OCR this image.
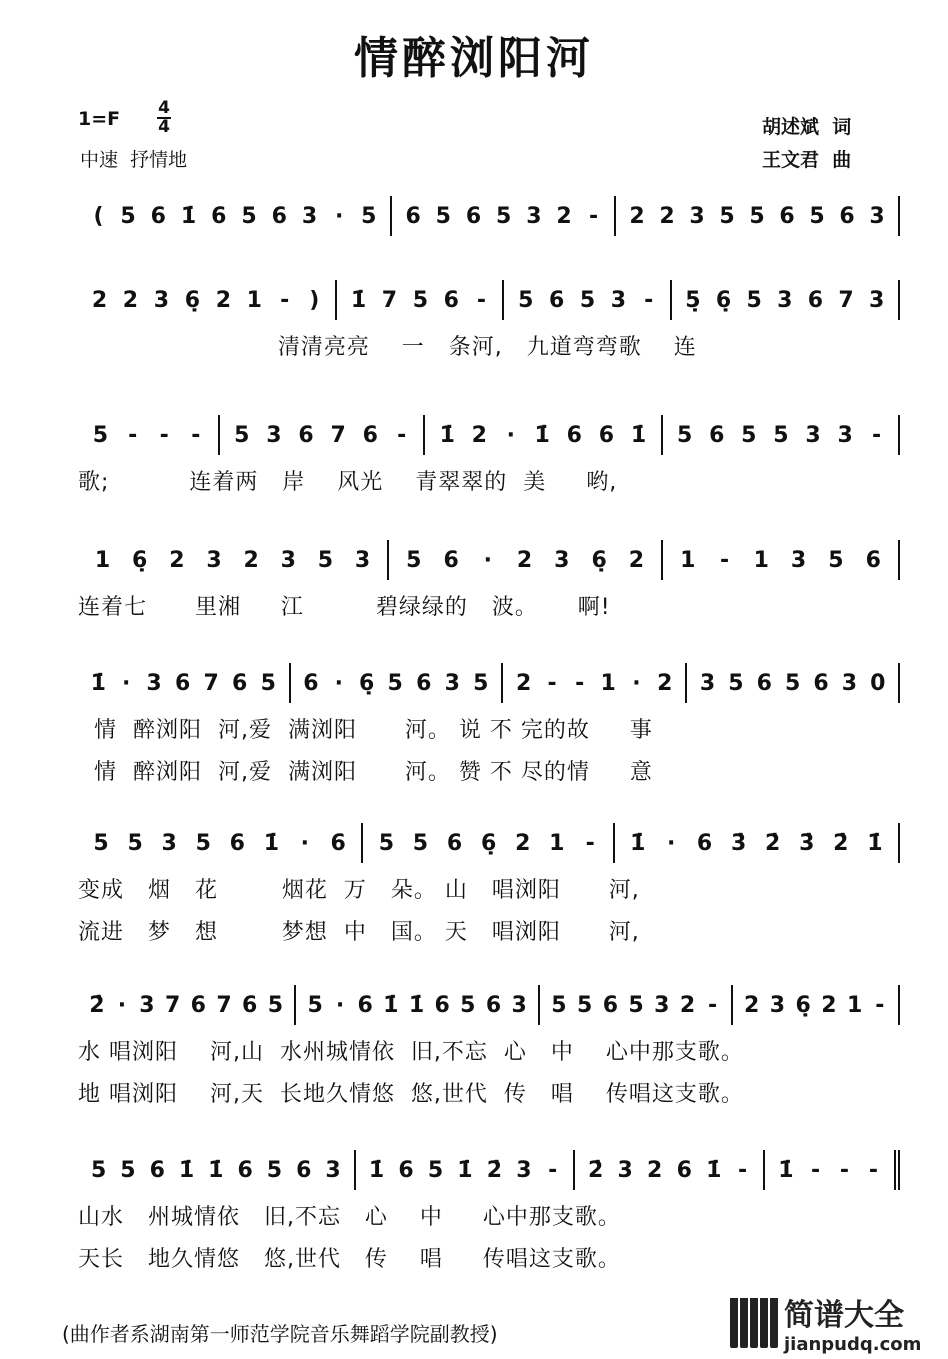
情醉浏阳河
$1=F \frac{4}{4}$
中速  抒情地
胡述斌  词
王文君  曲
( 5 6 1̇ 6 5 6 3 · 5 6 5 6 5 3 2 - 2 2 3 5 5 6 5 6 3
2 2 3 6̣ 2 1 - ) 1̇ 7 5 6 - 5 6 5 3 - 5̣ 6̣ 5 3 6 7 3
清清亮亮    一   条河,   九道弯弯歌    连
5 - - - 5 3 6 7 6 - 1̇ 2 · 1̇ 6 6 1̇ 5 6 5 5 3 3 -
歌;          连着两   岸    风光    青翠翠的  美     哟,
1 6̣ 2 3 2 3 5 3 5 6 · 2 3 6̣ 2 1 - 1 3 5 6
连着七      里湘     江         碧绿绿的   波。     啊!
1̇ · 3 6 7 6 5 6 · 6̣ 5 6 3 5 2 - - 1 · 2 3 5 6 5 6 3 0
情  醉浏阳  河,爱  满浏阳      河。 说 不 完的故     事
情  醉浏阳  河,爱  满浏阳      河。 赞 不 尽的情     意
5 5 3 5 6 1̇ · 6 5 5 6 6̣ 2 1 - 1̇ · 6 3̇ 2̇ 3̇ 2̇ 1̇
变成   烟   花        烟花  万   朵。 山   唱浏阳      河,
流进   梦   想        梦想  中   国。 天   唱浏阳      河,
2̇ · 3 7 6 7 6 5 5 · 6 1̇ 1̇ 6 5 6 3 5 5 6 5 3 2 - 2 3 6̣ 2 1 -
水 唱浏阳    河,山  水州城情依  旧,不忘  心   中    心中那支歌。
地 唱浏阳    河,天  长地久情悠  悠,世代  传   唱    传唱这支歌。
5 5 6 1̇ 1̇ 6 5 6 3 1̇ 6 5 1̇ 2̇ 3 - 2̇ 3 2 6 1̇ - 1̇ - - -
山水   州城情依   旧,不忘   心    中     心中那支歌。
天长   地久情悠   悠,世代   传    唱     传唱这支歌。
(曲作者系湖南第一师范学院音乐舞蹈学院副教授)
简谱大全
jianpudq.com
